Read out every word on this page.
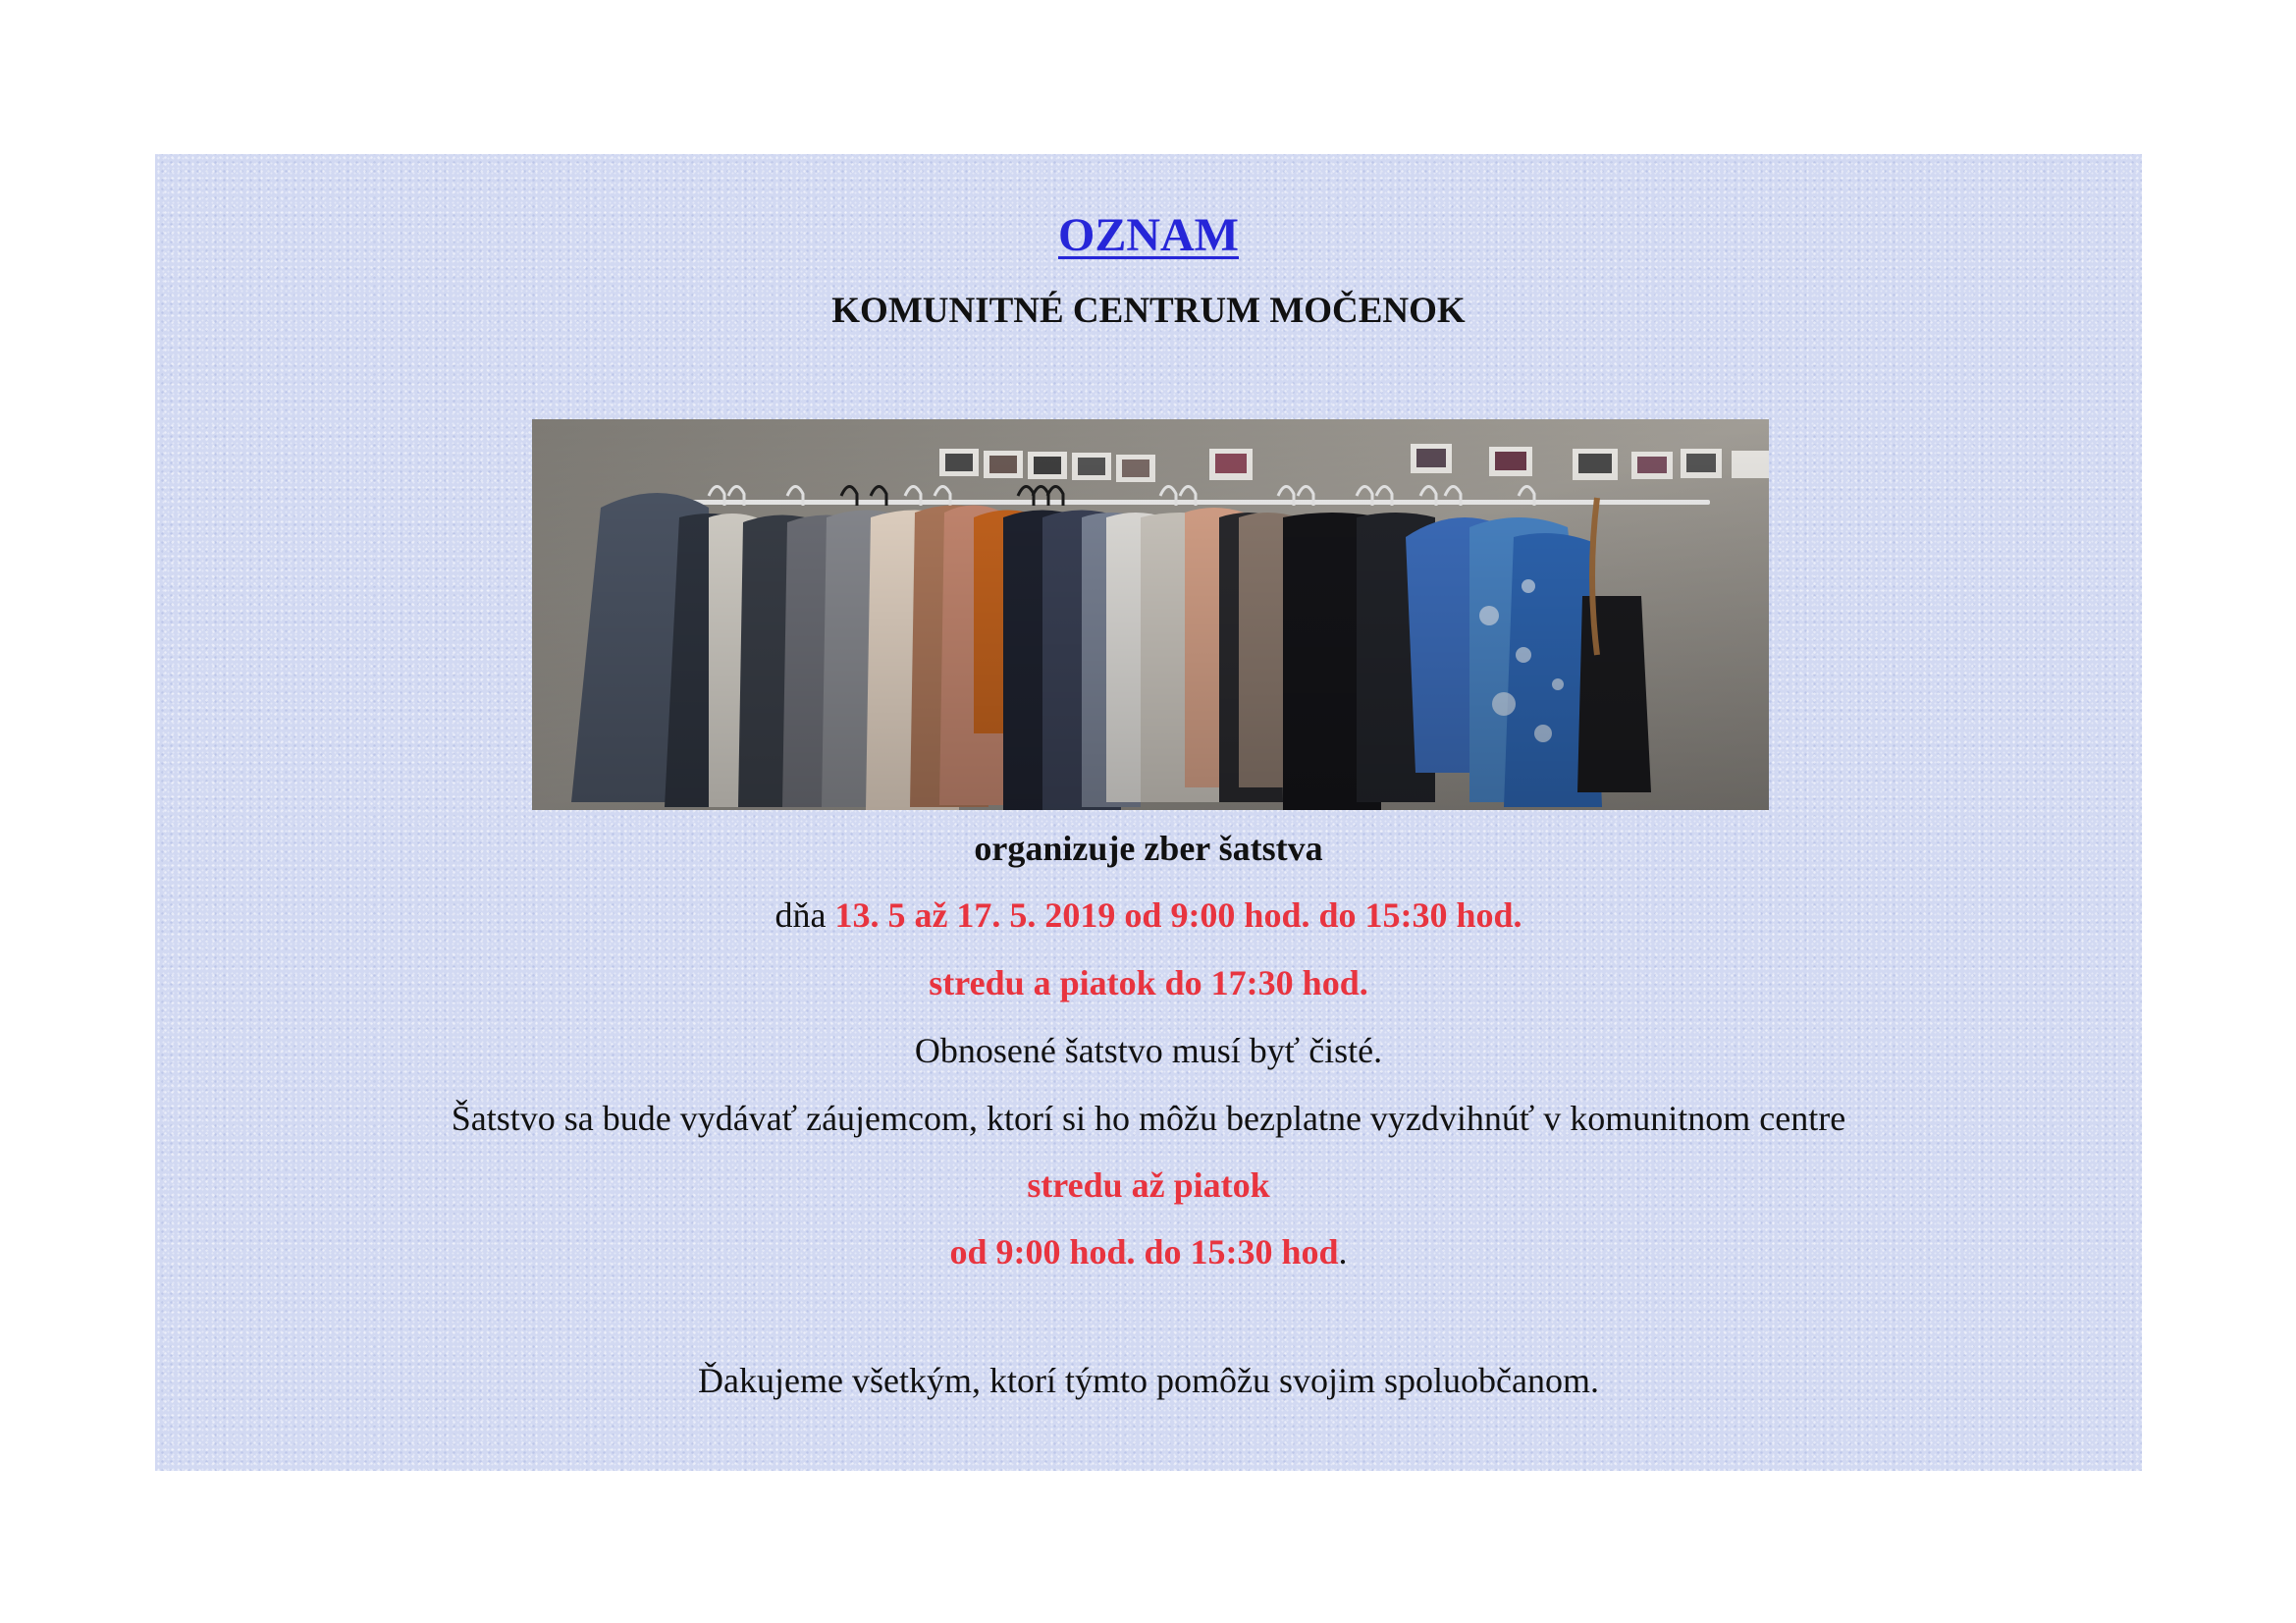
OZNAM
KOMUNITNÉ CENTRUM MOČENOK
organizuje zber šatstva
dňa 13. 5 až 17. 5. 2019 od 9:00 hod. do 15:30 hod.
stredu a piatok do 17:30 hod.
Obnosené šatstvo musí byť čisté.
Šatstvo sa bude vydávať záujemcom, ktorí si ho môžu bezplatne vyzdvihnúť v komunitnom centre
stredu až piatok
od 9:00 hod. do 15:30 hod.
Ďakujeme všetkým, ktorí týmto pomôžu svojim spoluobčanom.
